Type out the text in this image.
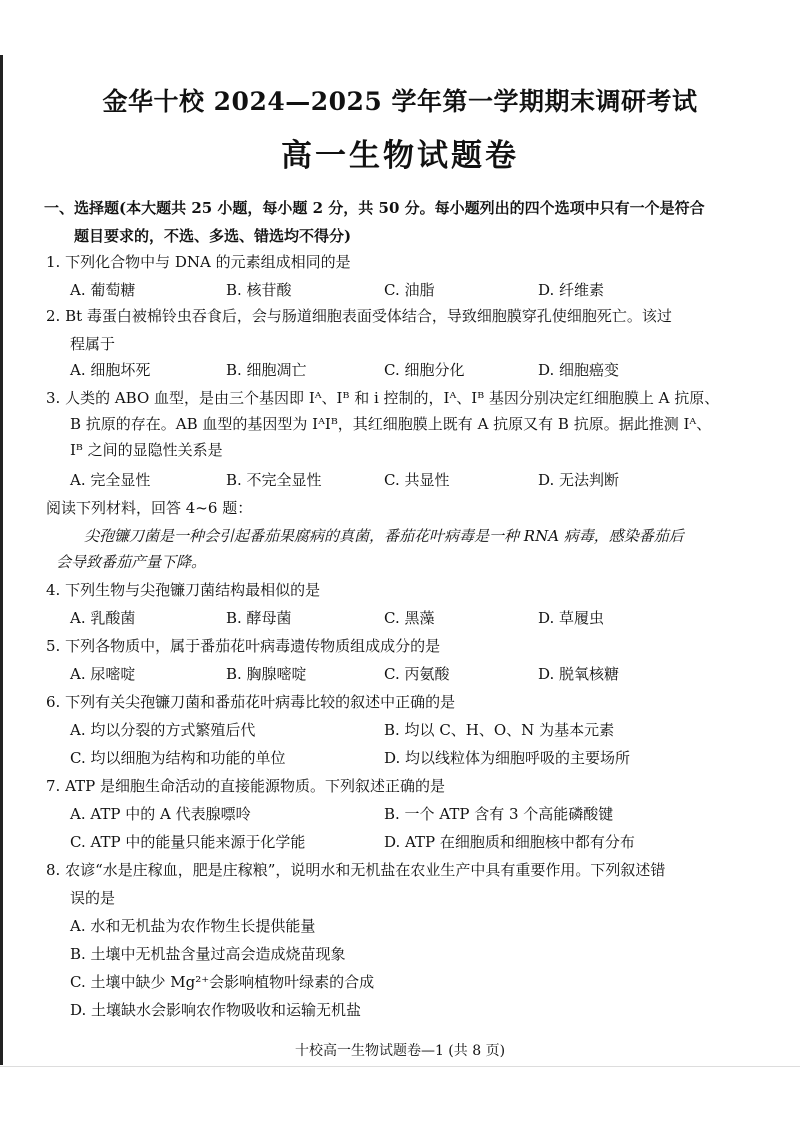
金华十校 2024—2025 学年第一学期期末调研考试
高一生物试题卷
一、选择题(本大题共 25 小题，每小题 2 分，共 50 分。每小题列出的四个选项中只有一个是符合
题目要求的，不选、多选、错选均不得分)
1. 下列化合物中与 DNA 的元素组成相同的是
A. 葡萄糖	B. 核苷酸	C. 油脂	D. 纤维素
2. Bt 毒蛋白被棉铃虫吞食后，会与肠道细胞表面受体结合，导致细胞膜穿孔使细胞死亡。该过
程属于
A. 细胞坏死	B. 细胞凋亡	C. 细胞分化	D. 细胞癌变
3. 人类的 ABO 血型，是由三个基因即 Iᴬ、Iᴮ 和 i 控制的，Iᴬ、Iᴮ 基因分别决定红细胞膜上 A 抗原、
B 抗原的存在。AB 血型的基因型为 IᴬIᴮ，其红细胞膜上既有 A 抗原又有 B 抗原。据此推测 Iᴬ、
Iᴮ 之间的显隐性关系是
A. 完全显性	B. 不完全显性	C. 共显性	D. 无法判断
阅读下列材料，回答 4~6 题：
尖孢镰刀菌是一种会引起番茄果腐病的真菌，番茄花叶病毒是一种 RNA 病毒，感染番茄后
会导致番茄产量下降。
4. 下列生物与尖孢镰刀菌结构最相似的是
A. 乳酸菌	B. 酵母菌	C. 黑藻	D. 草履虫
5. 下列各物质中，属于番茄花叶病毒遗传物质组成成分的是
A. 尿嘧啶	B. 胸腺嘧啶	C. 丙氨酸	D. 脱氧核糖
6. 下列有关尖孢镰刀菌和番茄花叶病毒比较的叙述中正确的是
A. 均以分裂的方式繁殖后代	B. 均以 C、H、O、N 为基本元素
C. 均以细胞为结构和功能的单位	D. 均以线粒体为细胞呼吸的主要场所
7. ATP 是细胞生命活动的直接能源物质。下列叙述正确的是
A. ATP 中的 A 代表腺嘌呤	B. 一个 ATP 含有 3 个高能磷酸键
C. ATP 中的能量只能来源于化学能	D. ATP 在细胞质和细胞核中都有分布
8. 农谚“水是庄稼血，肥是庄稼粮”，说明水和无机盐在农业生产中具有重要作用。下列叙述错
误的是
A. 水和无机盐为农作物生长提供能量
B. 土壤中无机盐含量过高会造成烧苗现象
C. 土壤中缺少 Mg²⁺会影响植物叶绿素的合成
D. 土壤缺水会影响农作物吸收和运输无机盐
十校高一生物试题卷—1 (共 8 页)
